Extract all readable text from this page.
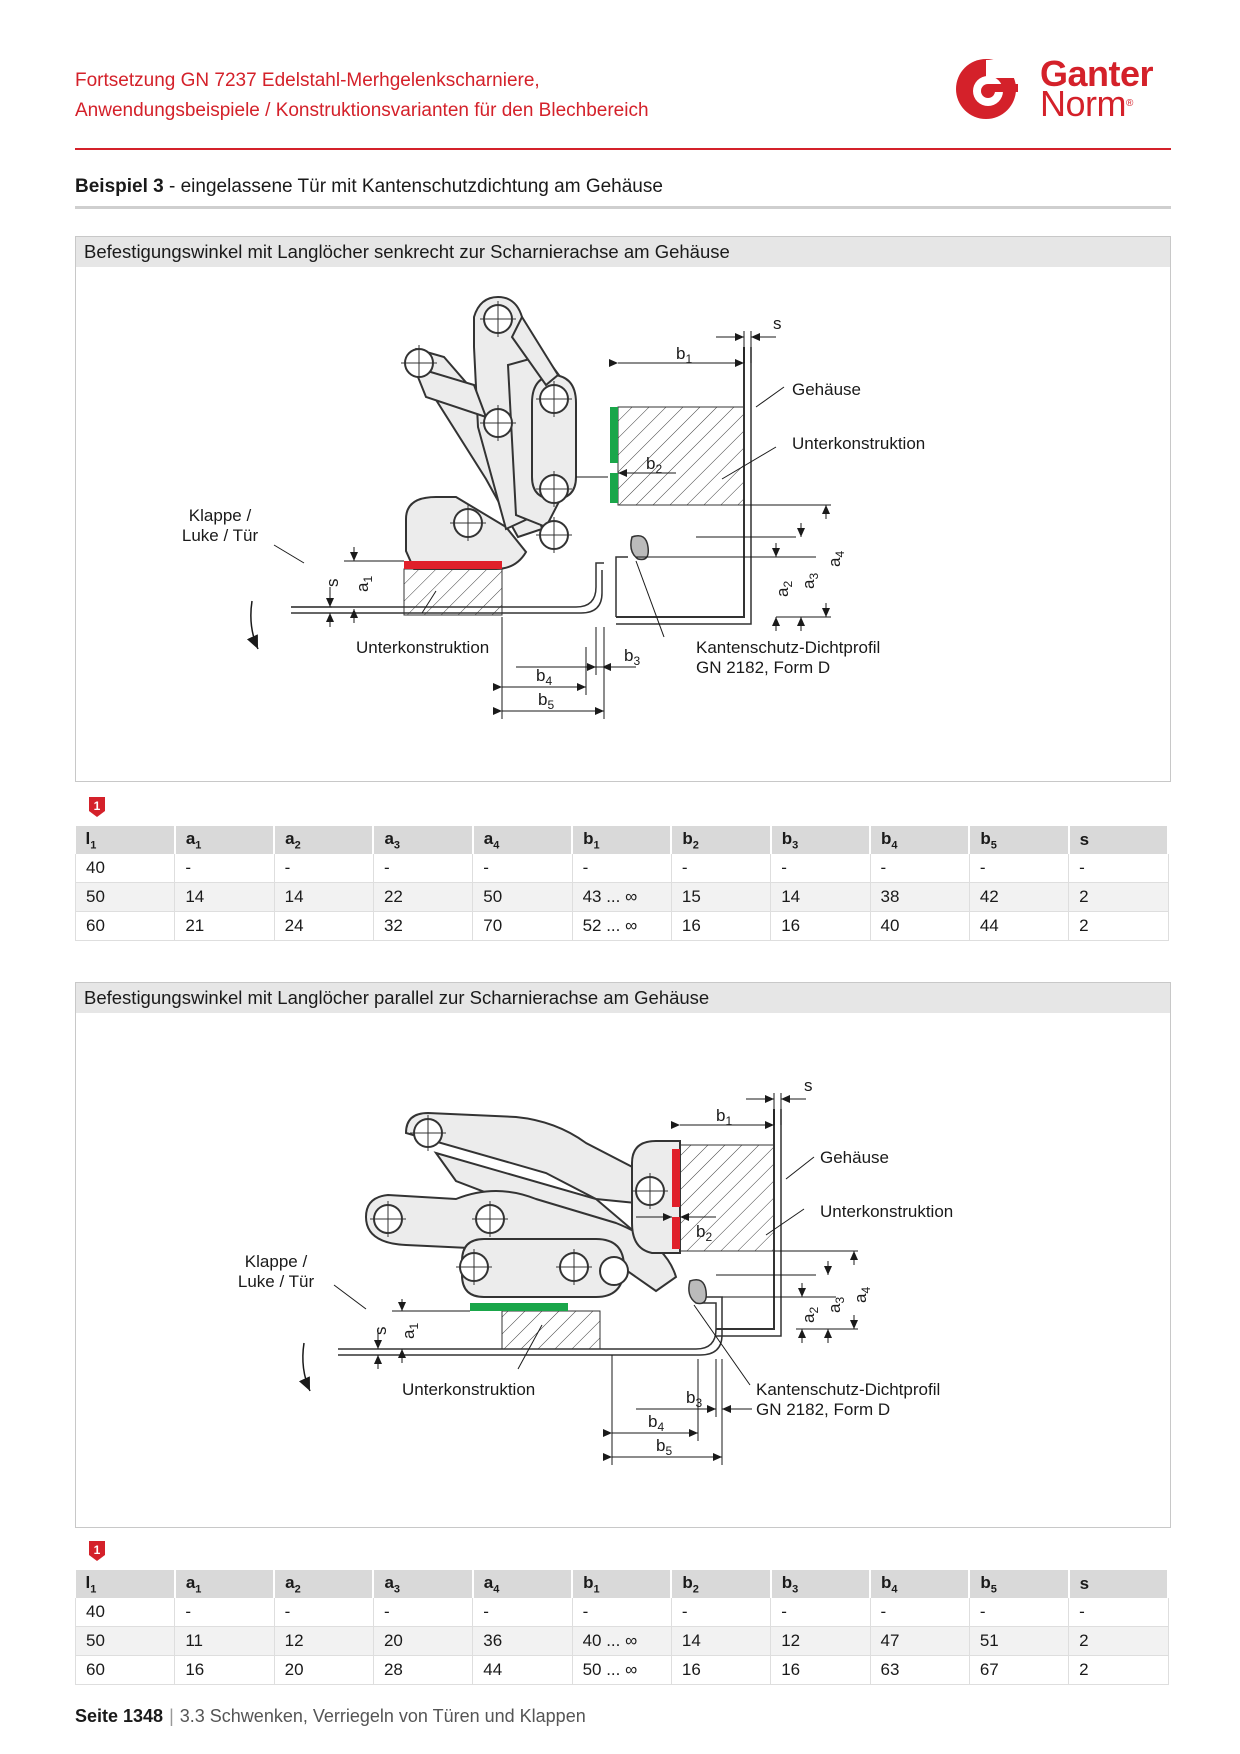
Fortsetzung GN 7237 Edelstahl-Merhgelenkscharniere,
Anwendungsbeispiele / Konstruktionsvarianten für den Blechbereich
Ganter
Norm®
Beispiel 3 - eingelassene Tür mit Kantenschutzdichtung am Gehäuse
Befestigungswinkel mit Langlöcher senkrecht zur Scharnierachse am Gehäuse
s
$b_1$
Gehäuse
Unterkonstruktion
$b_2$
Klappe /
Luke / Tür
s $a_1$
$a_2$ $a_3$
$a_4$
Unterkonstruktion	Kantenschutz-Dichtprofil
GN 2182, Form D
$b_3$
$b_4$
$b_5$
1
$l_1$	$a_1$	$a_2$	$a_3$	$a_4$	$b_1$	$b_2$	$b_3$	$b_4$	$b_5$	s
40	-	-	-	-	-	-	-	-	-	-
50	14	14	22	50	43 ... ∞	15	14	38	42	2
60	21	24	32	70	52 ... ∞	16	16	40	44	2
Befestigungswinkel mit Langlöcher parallel zur Scharnierachse am Gehäuse
s
$b_1$
Gehäuse
Unterkonstruktion
$b_2$
Klappe /
Luke / Tür
s $a_1$
$a_2$ $a_3$ $a_4$
Unterkonstruktion	Kantenschutz-Dichtprofil
GN 2182, Form D
$b_3$
$b_4$
$b_5$
1
$l_1$	$a_1$	$a_2$	$a_3$	$a_4$	$b_1$	$b_2$	$b_3$	$b_4$	$b_5$	s
40	-	-	-	-	-	-	-	-	-	-
50	11	12	20	36	40 ... ∞	14	12	47	51	2
60	16	20	28	44	50 ... ∞	16	16	63	67	2
Seite 1348 | 3.3 Schwenken, Verriegeln von Türen und Klappen
